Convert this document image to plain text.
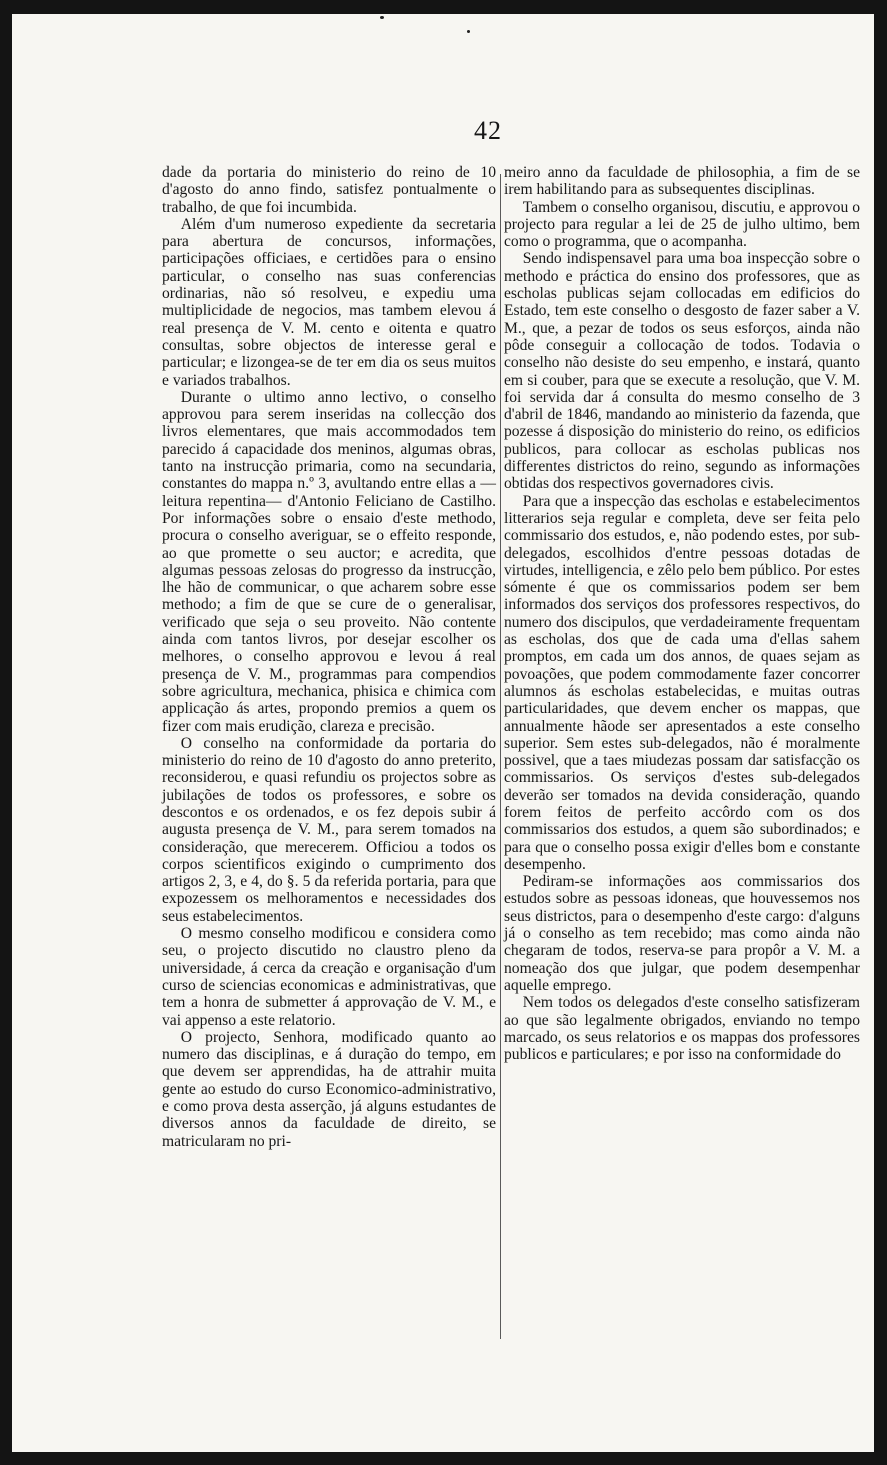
42

dade da portaria do ministerio do reino de 10 d'agosto do anno findo, satisfez pontualmente o trabalho, de que foi incumbida.

Além d'um numeroso expediente da secretaria para abertura de concursos, informações, participações officiaes, e certidões para o ensino particular, o conselho nas suas conferencias ordinarias, não só resolveu, e expediu uma multiplicidade de negocios, mas tambem elevou á real presença de V. M. cento e oitenta e quatro consultas, sobre objectos de interesse geral e particular; e lizongea-se de ter em dia os seus muitos e variados trabalhos.

Durante o ultimo anno lectivo, o conselho approvou para serem inseridas na collecção dos livros elementares, que mais accommodados tem parecido á capacidade dos meninos, algumas obras, tanto na instrucção primaria, como na secundaria, constantes do mappa n.º 3, avultando entre ellas a —leitura repentina— d'Antonio Feliciano de Castilho. Por informações sobre o ensaio d'este methodo, procura o conselho averiguar, se o effeito responde, ao que promette o seu auctor; e acredita, que algumas pessoas zelosas do progresso da instrucção, lhe hão de communicar, o que acharem sobre esse methodo; a fim de que se cure de o generalisar, verificado que seja o seu proveito. Não contente ainda com tantos livros, por desejar escolher os melhores, o conselho approvou e levou á real presença de V. M., programmas para compendios sobre agricultura, mechanica, phisica e chimica com applicação ás artes, propondo premios a quem os fizer com mais erudição, clareza e precisão.

O conselho na conformidade da portaria do ministerio do reino de 10 d'agosto do anno preterito, reconsiderou, e quasi refundiu os projectos sobre as jubilações de todos os professores, e sobre os descontos e os ordenados, e os fez depois subir á augusta presença de V. M., para serem tomados na consideração, que merecerem. Officiou a todos os corpos scientificos exigindo o cumprimento dos artigos 2, 3, e 4, do §. 5 da referida portaria, para que expozessem os melhoramentos e necessidades dos seus estabelecimentos.

O mesmo conselho modificou e considera como seu, o projecto discutido no claustro pleno da universidade, á cerca da creação e organisação d'um curso de sciencias economicas e administrativas, que tem a honra de submetter á approvação de V. M., e vai appenso a este relatorio.

O projecto, Senhora, modificado quanto ao numero das disciplinas, e á duração do tempo, em que devem ser apprendidas, ha de attrahir muita gente ao estudo do curso Economico-administrativo, e como prova desta asserção, já alguns estudantes de diversos annos da faculdade de direito, se matricularam no pri-

meiro anno da faculdade de philosophia, a fim de se irem habilitando para as subsequentes disciplinas.

Tambem o conselho organisou, discutiu, e approvou o projecto para regular a lei de 25 de julho ultimo, bem como o programma, que o acompanha.

Sendo indispensavel para uma boa inspecção sobre o methodo e práctica do ensino dos professores, que as escholas publicas sejam collocadas em edificios do Estado, tem este conselho o desgosto de fazer saber a V. M., que, a pezar de todos os seus esforços, ainda não pôde conseguir a collocação de todos. Todavia o conselho não desiste do seu empenho, e instará, quanto em si couber, para que se execute a resolução, que V. M. foi servida dar á consulta do mesmo conselho de 3 d'abril de 1846, mandando ao ministerio da fazenda, que pozesse á disposição do ministerio do reino, os edificios publicos, para collocar as escholas publicas nos differentes districtos do reino, segundo as informações obtidas dos respectivos governadores civis.

Para que a inspecção das escholas e estabelecimentos litterarios seja regular e completa, deve ser feita pelo commissario dos estudos, e, não podendo estes, por sub-delegados, escolhidos d'entre pessoas dotadas de virtudes, intelligencia, e zêlo pelo bem público. Por estes sómente é que os commissarios podem ser bem informados dos serviços dos professores respectivos, do numero dos discipulos, que verdadeiramente frequentam as escholas, dos que de cada uma d'ellas sahem promptos, em cada um dos annos, de quaes sejam as povoações, que podem commodamente fazer concorrer alumnos ás escholas estabelecidas, e muitas outras particularidades, que devem encher os mappas, que annualmente hãode ser apresentados a este conselho superior. Sem estes sub-delegados, não é moralmente possivel, que a taes miudezas possam dar satisfacção os commissarios. Os serviços d'estes sub-delegados deverão ser tomados na devida consideração, quando forem feitos de perfeito accôrdo com os dos commissarios dos estudos, a quem são subordinados; e para que o conselho possa exigir d'elles bom e constante desempenho.

Pediram-se informações aos commissarios dos estudos sobre as pessoas idoneas, que houvessemos nos seus districtos, para o desempenho d'este cargo: d'alguns já o conselho as tem recebido; mas como ainda não chegaram de todos, reserva-se para propôr a V. M. a nomeação dos que julgar, que podem desempenhar aquelle emprego.

Nem todos os delegados d'este conselho satisfizeram ao que são legalmente obrigados, enviando no tempo marcado, os seus relatorios e os mappas dos professores publicos e particulares; e por isso na conformidade do
